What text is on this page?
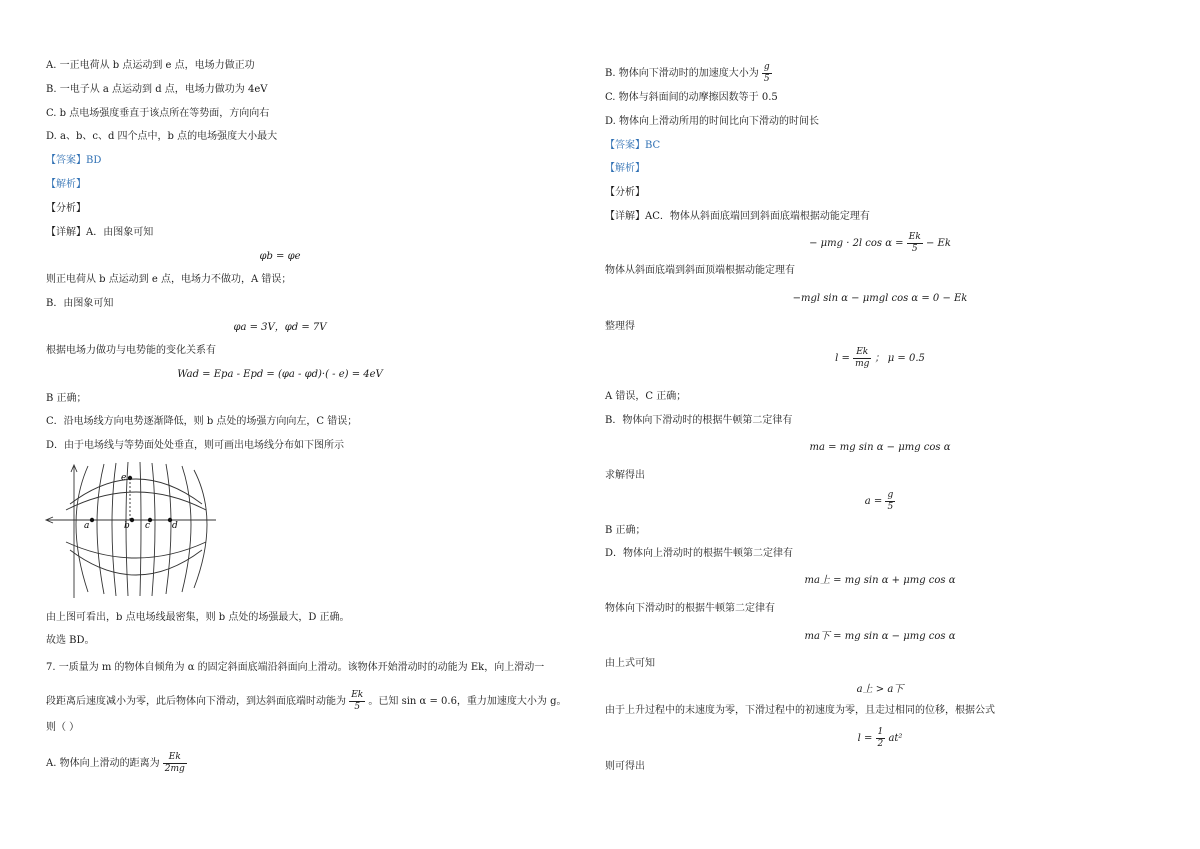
A. 一正电荷从 b 点运动到 e 点，电场力做正功
B. 一电子从 a 点运动到 d 点，电场力做功为 4eV
C. b 点电场强度垂直于该点所在等势面，方向向右
D. a、b、c、d 四个点中，b 点的电场强度大小最大
【答案】BD
【解析】
【分析】
【详解】A．由图象可知
φb = φe
则正电荷从 b 点运动到 e 点，电场力不做功，A 错误；
B．由图象可知
φa = 3V，φd = 7V
根据电场力做功与电势能的变化关系有
Wad = Epa - Epd = (φa - φd)·( - e) = 4eV
B 正确；
C．沿电场线方向电势逐渐降低，则 b 点处的场强方向向左，C 错误；
D．由于电场线与等势面处处垂直，则可画出电场线分布如下图所示
e
a	b c d
由上图可看出，b 点电场线最密集，则 b 点处的场强最大，D 正确。
故选 BD。
7. 一质量为 m 的物体自倾角为 α 的固定斜面底端沿斜面向上滑动。该物体开始滑动时的动能为 Ek，向上滑动一
段距离后速度减小为零，此后物体向下滑动，到达斜面底端时动能为 $\frac{Ek}{5}$ 。已知 sin α = 0.6，重力加速度大小为 g。
则（ ）
A. 物体向上滑动的距离为 $\frac{Ek}{2mg}$
B. 物体向下滑动时的加速度大小为 $\frac{g}{5}$
C. 物体与斜面间的动摩擦因数等于 0.5
D. 物体向上滑动所用的时间比向下滑动的时间长
【答案】BC
【解析】
【分析】
【详解】AC．物体从斜面底端回到斜面底端根据动能定理有
− μmg · 2l $\cos \alpha = \frac{Ek}{5} - Ek$
物体从斜面底端到斜面顶端根据动能定理有
−mgl sin α − μmgl cos α = 0 − Ek
整理得
$l = \frac{Ek}{mg}$ ； μ = 0.5
A 错误，C 正确；
B．物体向下滑动时的根据牛顿第二定律有
ma = mg sin α − μmg cos α
求解得出
$a = \frac{g}{5}$
B 正确；
D．物体向上滑动时的根据牛顿第二定律有
ma上 = mg sin α + μmg cos α
物体向下滑动时的根据牛顿第二定律有
ma下 = mg sin α − μmg cos α
由上式可知
a上 > a下
由于上升过程中的末速度为零，下滑过程中的初速度为零，且走过相同的位移，根据公式
$l = \frac{1}{2} at^2$
则可得出
